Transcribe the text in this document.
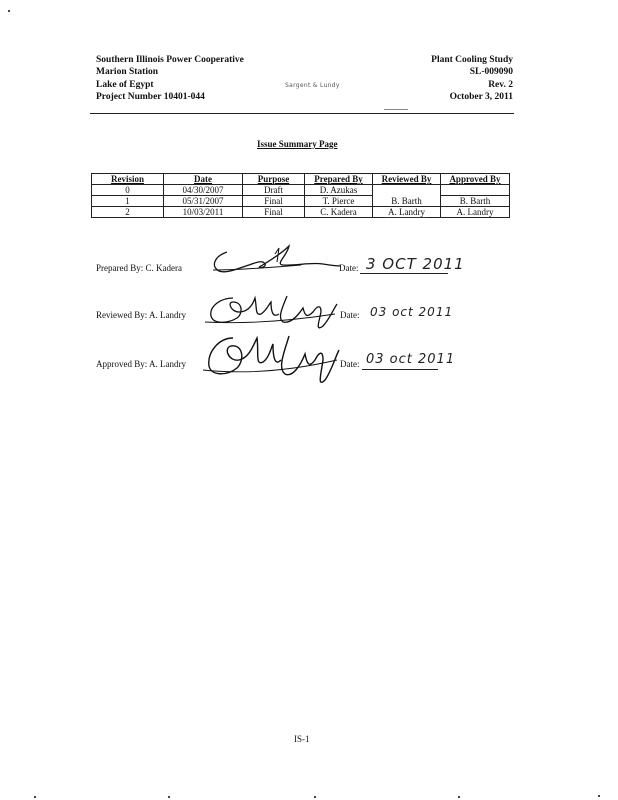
Southern Illinois Power Cooperative
Marion Station
Lake of Egypt
Project Number 10401-044
Plant Cooling Study
SL-009090
Rev. 2
October 3, 2011
Sargent & Lundy
Issue Summary Page
Revision	Date	Purpose	Prepared By	Reviewed By	Approved By
0	04/30/2007	Draft	D. Azukas		
1	05/31/2007	Final	T. Pierce	B. Barth	B. Barth
2	10/03/2011	Final	C. Kadera	A. Landry	A. Landry
Prepared By: C. Kadera	Date: 3 OCT 2011
Reviewed By: A. Landry	Date: 03 oct 2011
Approved By: A. Landry	Date: 03 oct 2011
IS-1
